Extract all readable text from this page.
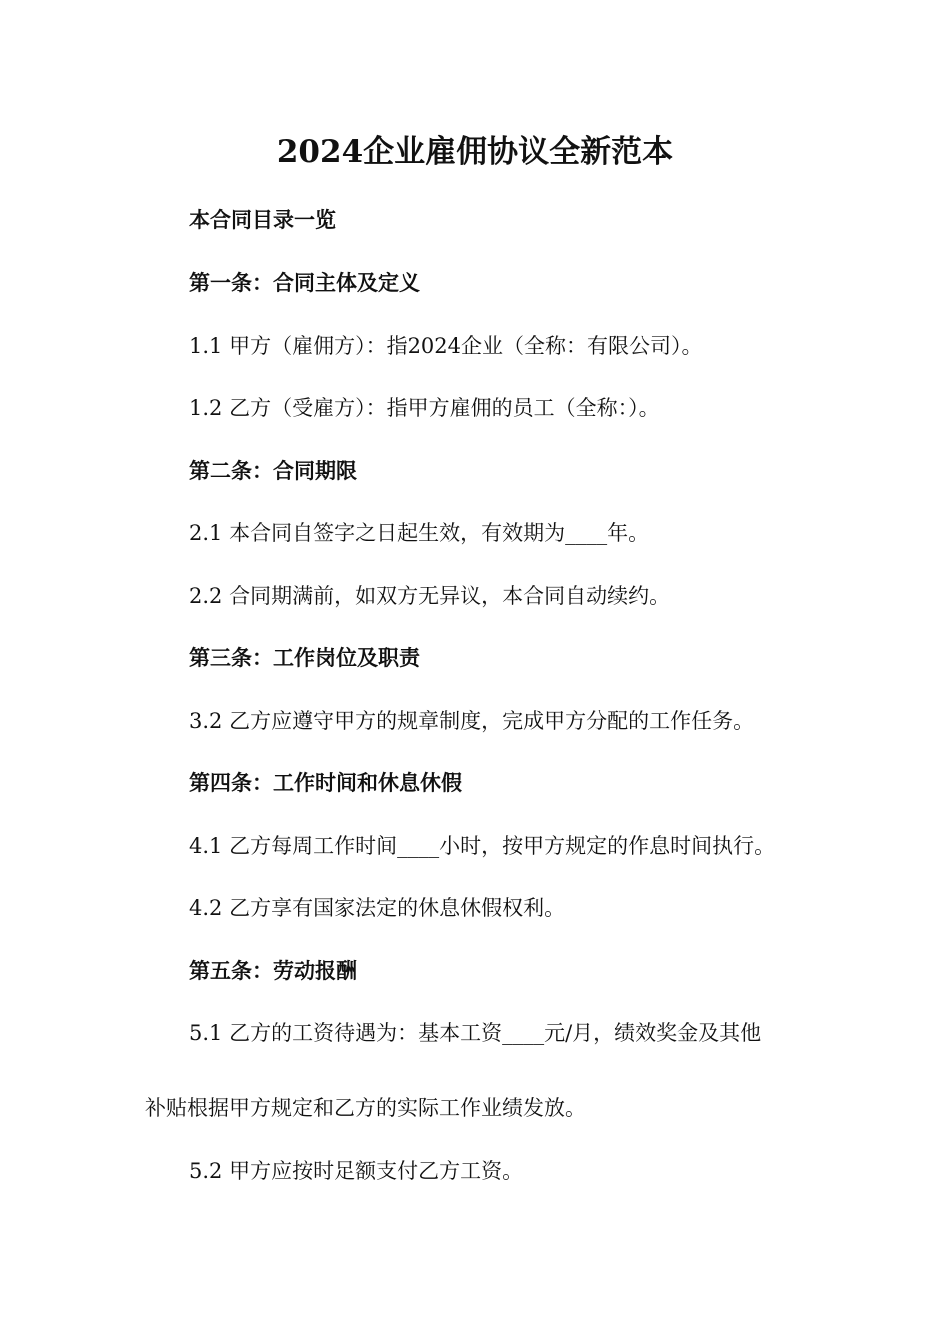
2024企业雇佣协议全新范本
本合同目录一览
第一条：合同主体及定义
1.1 甲方（雇佣方）：指2024企业（全称：有限公司）。
1.2 乙方（受雇方）：指甲方雇佣的员工（全称：）。
第二条：合同期限
2.1 本合同自签字之日起生效，有效期为____年。
2.2 合同期满前，如双方无异议，本合同自动续约。
第三条：工作岗位及职责
3.2 乙方应遵守甲方的规章制度，完成甲方分配的工作任务。
第四条：工作时间和休息休假
4.1 乙方每周工作时间____小时，按甲方规定的作息时间执行。
4.2 乙方享有国家法定的休息休假权利。
第五条：劳动报酬
5.1 乙方的工资待遇为：基本工资____元/月，绩效奖金及其他
补贴根据甲方规定和乙方的实际工作业绩发放。
5.2 甲方应按时足额支付乙方工资。
